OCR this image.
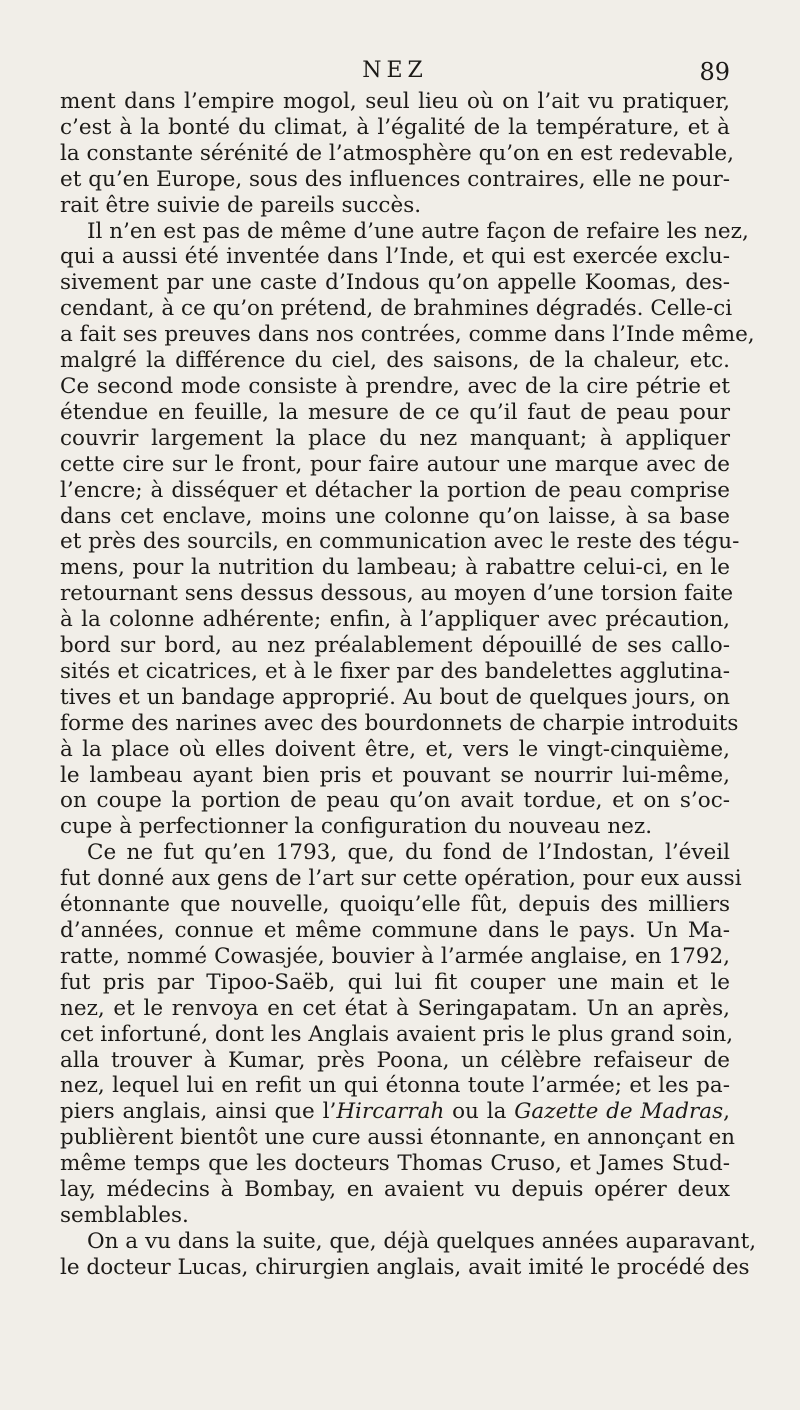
NEZ	89
ment dans l’empire mogol, seul lieu où on l’ait vu pratiquer,
c’est à la bonté du climat, à l’égalité de la température, et à
la constante sérénité de l’atmosphère qu’on en est redevable,
et qu’en Europe, sous des influences contraires, elle ne pour-
rait être suivie de pareils succès.
Il n’en est pas de même d’une autre façon de refaire les nez,
qui a aussi été inventée dans l’Inde, et qui est exercée exclu-
sivement par une caste d’Indous qu’on appelle Koomas, des-
cendant, à ce qu’on prétend, de brahmines dégradés. Celle-ci
a fait ses preuves dans nos contrées, comme dans l’Inde même,
malgré la différence du ciel, des saisons, de la chaleur, etc.
Ce second mode consiste à prendre, avec de la cire pétrie et
étendue en feuille, la mesure de ce qu’il faut de peau pour
couvrir largement la place du nez manquant; à appliquer
cette cire sur le front, pour faire autour une marque avec de
l’encre; à disséquer et détacher la portion de peau comprise
dans cet enclave, moins une colonne qu’on laisse, à sa base
et près des sourcils, en communication avec le reste des tégu-
mens, pour la nutrition du lambeau; à rabattre celui-ci, en le
retournant sens dessus dessous, au moyen d’une torsion faite
à la colonne adhérente; enfin, à l’appliquer avec précaution,
bord sur bord, au nez préalablement dépouillé de ses callo-
sités et cicatrices, et à le fixer par des bandelettes agglutina-
tives et un bandage approprié. Au bout de quelques jours, on
forme des narines avec des bourdonnets de charpie introduits
à la place où elles doivent être, et, vers le vingt-cinquième,
le lambeau ayant bien pris et pouvant se nourrir lui-même,
on coupe la portion de peau qu’on avait tordue, et on s’oc-
cupe à perfectionner la configuration du nouveau nez.
Ce ne fut qu’en 1793, que, du fond de l’Indostan, l’éveil
fut donné aux gens de l’art sur cette opération, pour eux aussi
étonnante que nouvelle, quoiqu’elle fût, depuis des milliers
d’années, connue et même commune dans le pays. Un Ma-
ratte, nommé Cowasjée, bouvier à l’armée anglaise, en 1792,
fut pris par Tipoo-Saëb, qui lui fit couper une main et le
nez, et le renvoya en cet état à Seringapatam. Un an après,
cet infortuné, dont les Anglais avaient pris le plus grand soin,
alla trouver à Kumar, près Poona, un célèbre refaiseur de
nez, lequel lui en refit un qui étonna toute l’armée; et les pa-
piers anglais, ainsi que l’Hircarrah ou la Gazette de Madras,
publièrent bientôt une cure aussi étonnante, en annonçant en
même temps que les docteurs Thomas Cruso, et James Stud-
lay, médecins à Bombay, en avaient vu depuis opérer deux
semblables.
On a vu dans la suite, que, déjà quelques années auparavant,
le docteur Lucas, chirurgien anglais, avait imité le procédé des
